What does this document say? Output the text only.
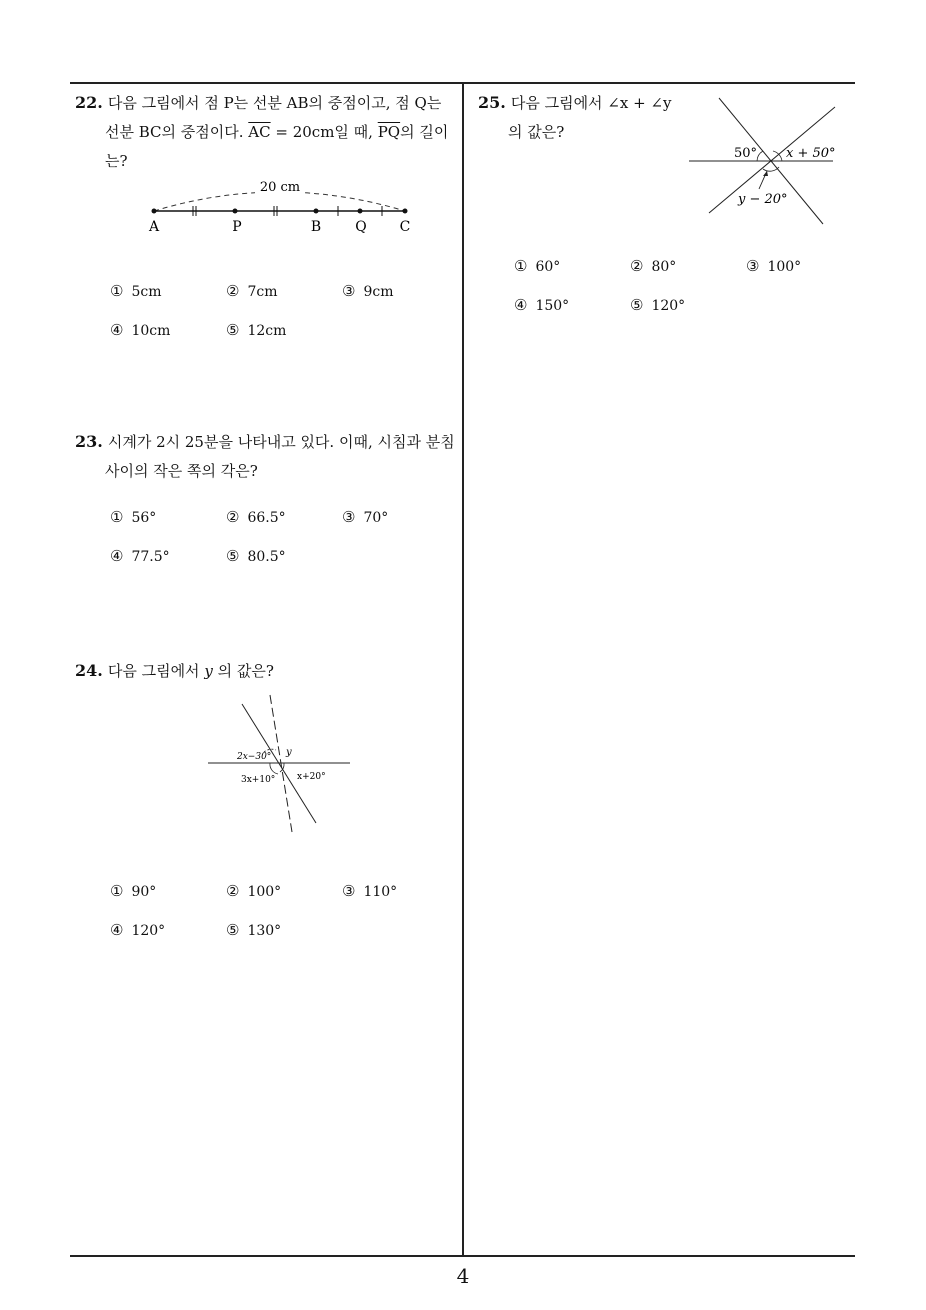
22. 다음 그림에서 점 P는 선분 AB의 중점이고, 점 Q는
선분 BC의 중점이다. $\overline{AC} = 20cm$일 때, $\overline{PQ}$의 길이
는?
20 cm
A	P	B Q C
① 5cm	② 7cm	③ 9cm
④ 10cm	⑤ 12cm
23. 시계가 2시 25분을 나타내고 있다. 이때, 시침과 분침
사이의 작은 쪽의 각은?
① 56°	② 66.5°	③ 70°
④ 77.5°	⑤ 80.5°
24. 다음 그림에서 y 의 값은?
2x−30° y
3x+10° x+20°
① 90°	② 100°	③ 110°
④ 120°	⑤ 130°
25. 다음 그림에서 ∠x + ∠y
의 값은?
50° x + 50°
y − 20°
① 60°	② 80°	③ 100°
④ 150°	⑤ 120°
4
